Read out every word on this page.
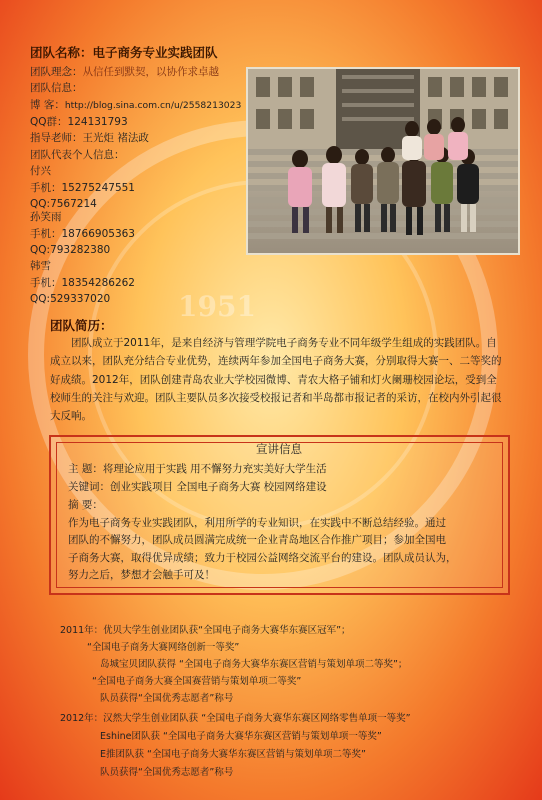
1951
团队名称：电子商务专业实践团队
团队理念：从信任到默契，以协作求卓越
团队信息：
博 客：http://blog.sina.com.cn/u/2558213023
QQ群：124131793
指导老师：王光炬 褚法政
团队代表个人信息：
付兴
手机：15275247551
QQ:7567214
孙笑雨
手机：18766905363
QQ:793282380
韩雪
手机：18354286262
QQ:529337020
团队简历：
团队成立于2011年，是来自经济与管理学院电子商务专业不同年级学生组成的实践团队。自成立以来，团队充分结合专业优势，连续两年参加全国电子商务大赛，分别取得大赛一、二等奖的好成绩。2012年，团队创建青岛农业大学校园微博、青农大格子铺和灯火阑珊校园论坛，受到全校师生的关注与欢迎。团队主要队员多次接受校报记者和半岛都市报记者的采访，在校内外引起很大反响。
宣讲信息
主 题：将理论应用于实践 用不懈努力充实美好大学生活
关键词：创业实践项目 全国电子商务大赛 校园网络建设
摘 要：
作为电子商务专业实践团队，利用所学的专业知识，在实践中不断总结经验。通过
团队的不懈努力，团队成员圆满完成统一企业青岛地区合作推广项目；参加全国电
子商务大赛，取得优异成绩；致力于校园公益网络交流平台的建设。团队成员认为，
努力之后，梦想才会触手可及！
2011年：优贝大学生创业团队获“全国电子商务大赛华东赛区冠军”；
“全国电子商务大赛网络创新一等奖”
岛城宝贝团队获得 “全国电子商务大赛华东赛区营销与策划单项二等奖”；
“全国电子商务大赛全国赛营销与策划单项二等奖”
队员获得“全国优秀志愿者”称号
2012年：汉然大学生创业团队获 “全国电子商务大赛华东赛区网络零售单项一等奖”
Eshine团队获 “全国电子商务大赛华东赛区营销与策划单项一等奖”
E推团队获 “全国电子商务大赛华东赛区营销与策划单项二等奖”
队员获得“全国优秀志愿者”称号
